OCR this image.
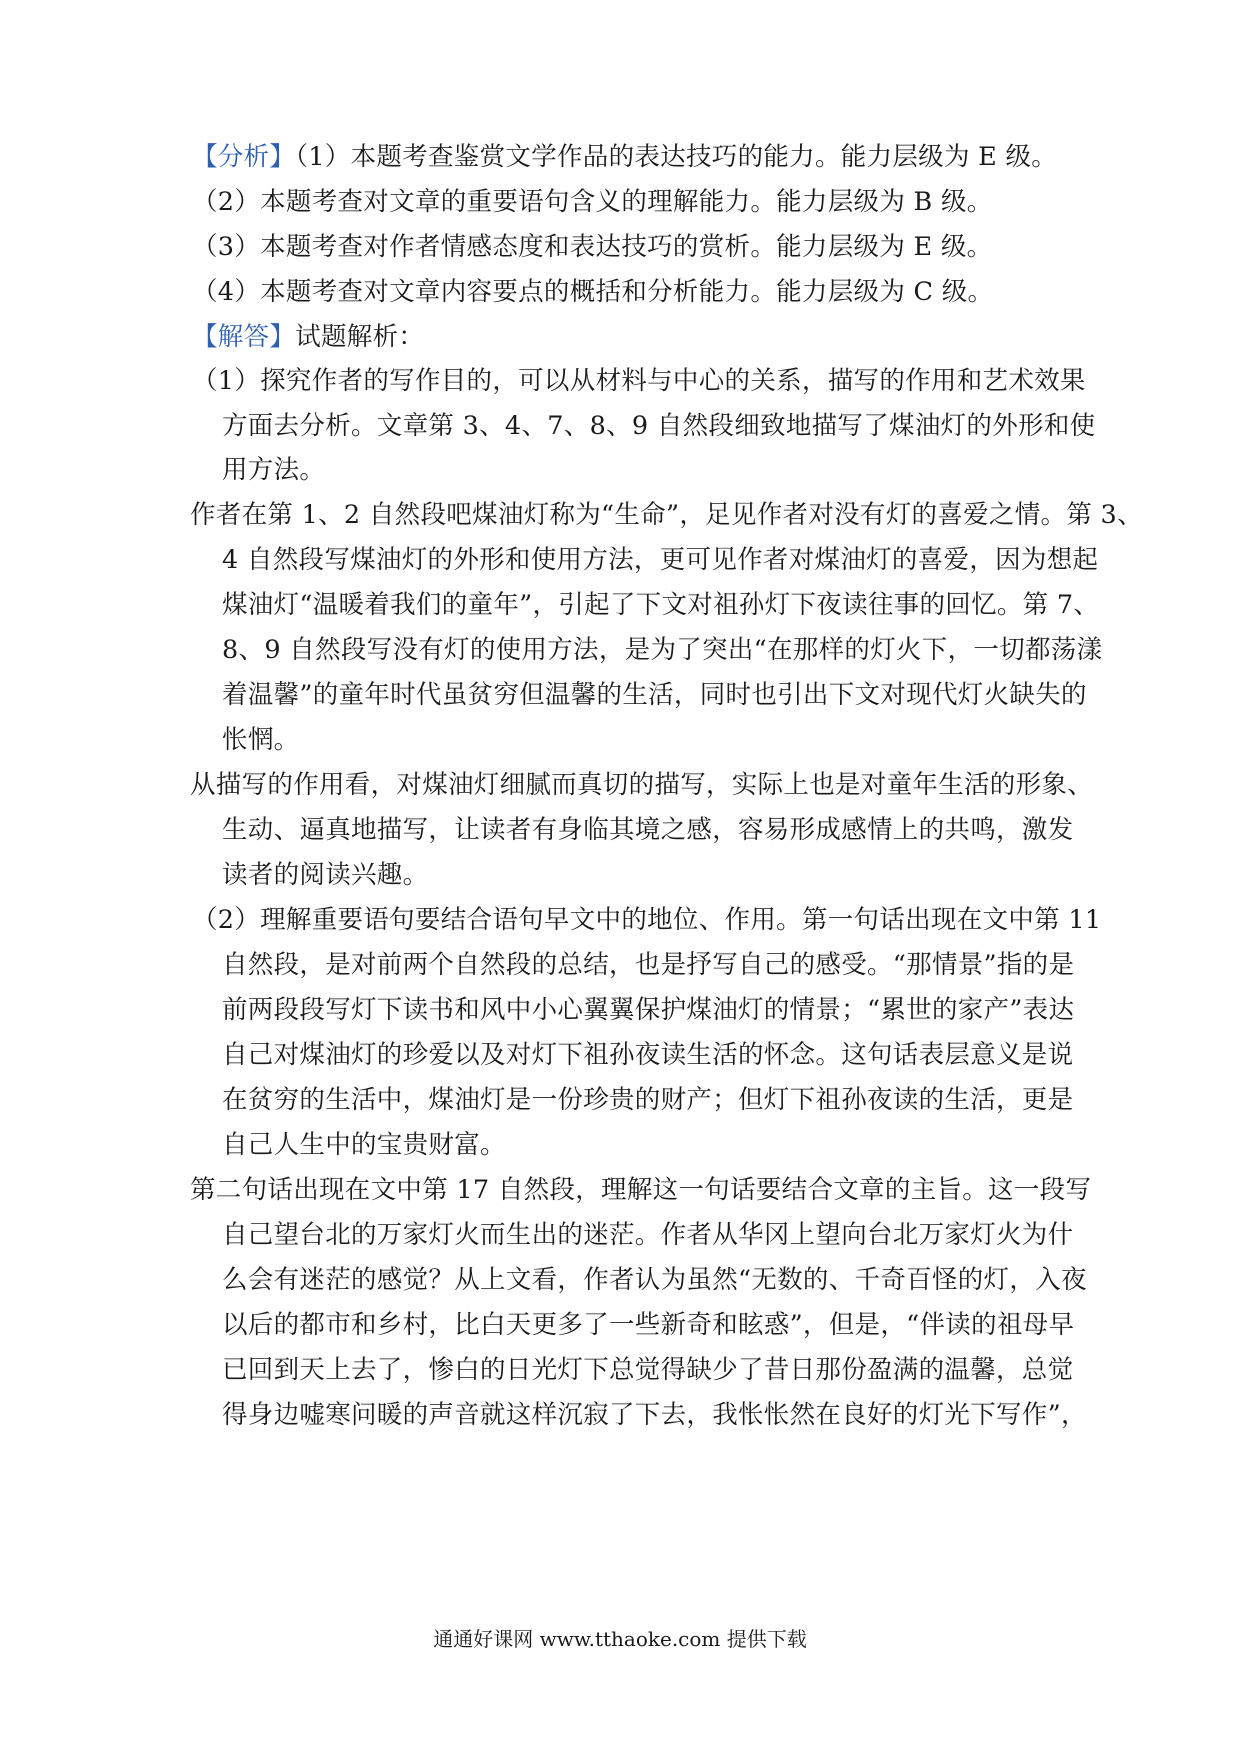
【分析】（1）本题考查鉴赏文学作品的表达技巧的能力。能力层级为 E 级。
（2）本题考查对文章的重要语句含义的理解能力。能力层级为 B 级。
（3）本题考查对作者情感态度和表达技巧的赏析。能力层级为 E 级。
（4）本题考查对文章内容要点的概括和分析能力。能力层级为 C 级。
【解答】试题解析：
（1）探究作者的写作目的，可以从材料与中心的关系，描写的作用和艺术效果
方面去分析。文章第 3、4、7、8、9 自然段细致地描写了煤油灯的外形和使
用方法。
作者在第 1、2 自然段吧煤油灯称为“生命”，足见作者对没有灯的喜爱之情。第 3、
4 自然段写煤油灯的外形和使用方法，更可见作者对煤油灯的喜爱，因为想起
煤油灯“温暖着我们的童年”，引起了下文对祖孙灯下夜读往事的回忆。第 7、
8、9 自然段写没有灯的使用方法，是为了突出“在那样的灯火下，一切都荡漾
着温馨”的童年时代虽贫穷但温馨的生活，同时也引出下文对现代灯火缺失的
怅惘。
从描写的作用看，对煤油灯细腻而真切的描写，实际上也是对童年生活的形象、
生动、逼真地描写，让读者有身临其境之感，容易形成感情上的共鸣，激发
读者的阅读兴趣。
（2）理解重要语句要结合语句早文中的地位、作用。第一句话出现在文中第 11
自然段，是对前两个自然段的总结，也是抒写自己的感受。“那情景”指的是
前两段段写灯下读书和风中小心翼翼保护煤油灯的情景；“累世的家产”表达
自己对煤油灯的珍爱以及对灯下祖孙夜读生活的怀念。这句话表层意义是说
在贫穷的生活中，煤油灯是一份珍贵的财产；但灯下祖孙夜读的生活，更是
自己人生中的宝贵财富。
第二句话出现在文中第 17 自然段，理解这一句话要结合文章的主旨。这一段写
自己望台北的万家灯火而生出的迷茫。作者从华冈上望向台北万家灯火为什
么会有迷茫的感觉？从上文看，作者认为虽然“无数的、千奇百怪的灯，入夜
以后的都市和乡村，比白天更多了一些新奇和眩惑”，但是，“伴读的祖母早
已回到天上去了，惨白的日光灯下总觉得缺少了昔日那份盈满的温馨，总觉
得身边嘘寒问暖的声音就这样沉寂了下去，我怅怅然在良好的灯光下写作”，
通通好课网 www.tthaoke.com 提供下载
